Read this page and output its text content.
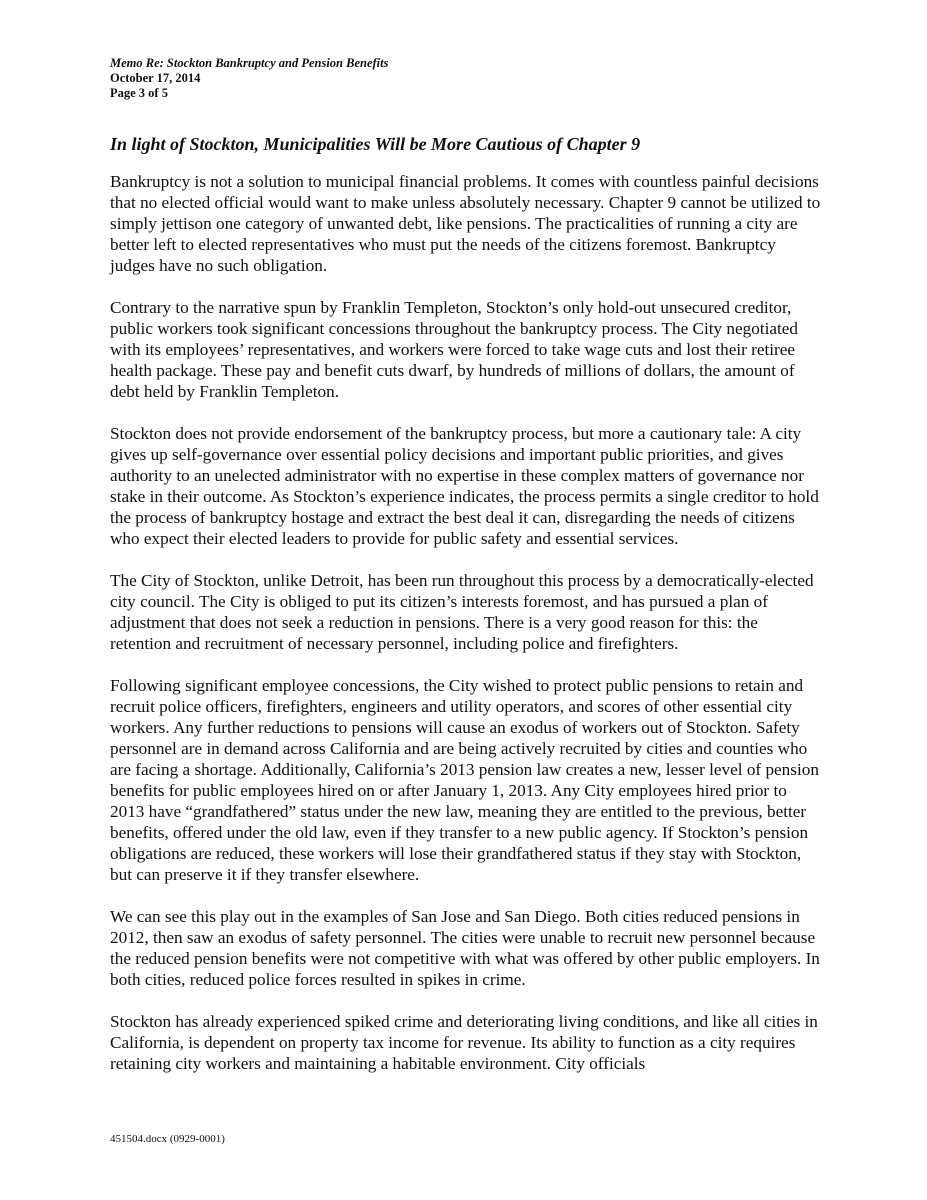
Memo Re: Stockton Bankruptcy and Pension Benefits

October 17, 2014

Page 3 of 5

In light of Stockton, Municipalities Will be More Cautious of Chapter 9

Bankruptcy is not a solution to municipal financial problems. It comes with countless painful decisions that no elected official would want to make unless absolutely necessary. Chapter 9 cannot be utilized to simply jettison one category of unwanted debt, like pensions. The practicalities of running a city are better left to elected representatives who must put the needs of the citizens foremost. Bankruptcy judges have no such obligation.

Contrary to the narrative spun by Franklin Templeton, Stockton’s only hold-out unsecured creditor, public workers took significant concessions throughout the bankruptcy process. The City negotiated with its employees’ representatives, and workers were forced to take wage cuts and lost their retiree health package. These pay and benefit cuts dwarf, by hundreds of millions of dollars, the amount of debt held by Franklin Templeton.

Stockton does not provide endorsement of the bankruptcy process, but more a cautionary tale: A city gives up self-governance over essential policy decisions and important public priorities, and gives authority to an unelected administrator with no expertise in these complex matters of governance nor stake in their outcome. As Stockton’s experience indicates, the process permits a single creditor to hold the process of bankruptcy hostage and extract the best deal it can, disregarding the needs of citizens who expect their elected leaders to provide for public safety and essential services.

The City of Stockton, unlike Detroit, has been run throughout this process by a democratically-elected city council. The City is obliged to put its citizen’s interests foremost, and has pursued a plan of adjustment that does not seek a reduction in pensions. There is a very good reason for this: the retention and recruitment of necessary personnel, including police and firefighters.

Following significant employee concessions, the City wished to protect public pensions to retain and recruit police officers, firefighters, engineers and utility operators, and scores of other essential city workers. Any further reductions to pensions will cause an exodus of workers out of Stockton. Safety personnel are in demand across California and are being actively recruited by cities and counties who are facing a shortage. Additionally, California’s 2013 pension law creates a new, lesser level of pension benefits for public employees hired on or after January 1, 2013. Any City employees hired prior to 2013 have “grandfathered” status under the new law, meaning they are entitled to the previous, better benefits, offered under the old law, even if they transfer to a new public agency. If Stockton’s pension obligations are reduced, these workers will lose their grandfathered status if they stay with Stockton, but can preserve it if they transfer elsewhere.

We can see this play out in the examples of San Jose and San Diego. Both cities reduced pensions in 2012, then saw an exodus of safety personnel. The cities were unable to recruit new personnel because the reduced pension benefits were not competitive with what was offered by other public employers. In both cities, reduced police forces resulted in spikes in crime.

Stockton has already experienced spiked crime and deteriorating living conditions, and like all cities in California, is dependent on property tax income for revenue. Its ability to function as a city requires retaining city workers and maintaining a habitable environment. City officials

451504.docx (0929-0001)
